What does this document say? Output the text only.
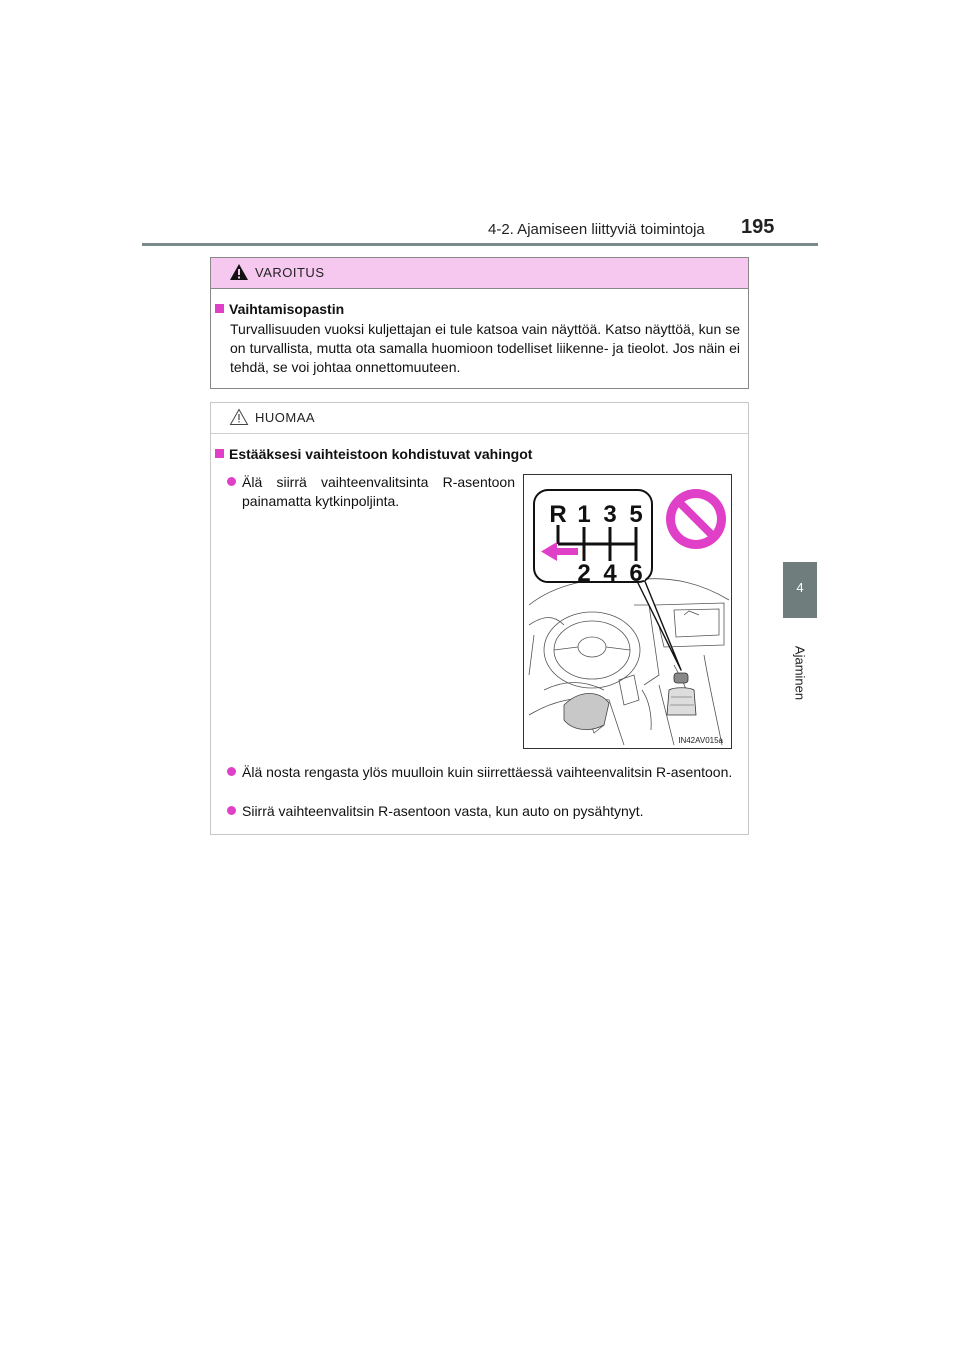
4-2. Ajamiseen liittyviä toimintoja 195
4
Ajaminen
VAROITUS
Vaihtamisopastin
Turvallisuuden vuoksi kuljettajan ei tule katsoa vain näyttöä. Katso näyttöä, kun se on turvallista, mutta ota samalla huomioon todelliset liikenne- ja tieolot. Jos näin ei tehdä, se voi johtaa onnettomuuteen.
HUOMAA
Estääksesi vaihteistoon kohdistuvat vahingot
Älä siirrä vaihteenvalitsinta R-asentoon painamatta kytkinpoljinta.
Älä nosta rengasta ylös muulloin kuin siirrettäessä vaihteenvalitsin R-asentoon.
Siirrä vaihteenvalitsin R-asentoon vasta, kun auto on pysähtynyt.
R 1 3 5
2 4 6
IN42AV015a
